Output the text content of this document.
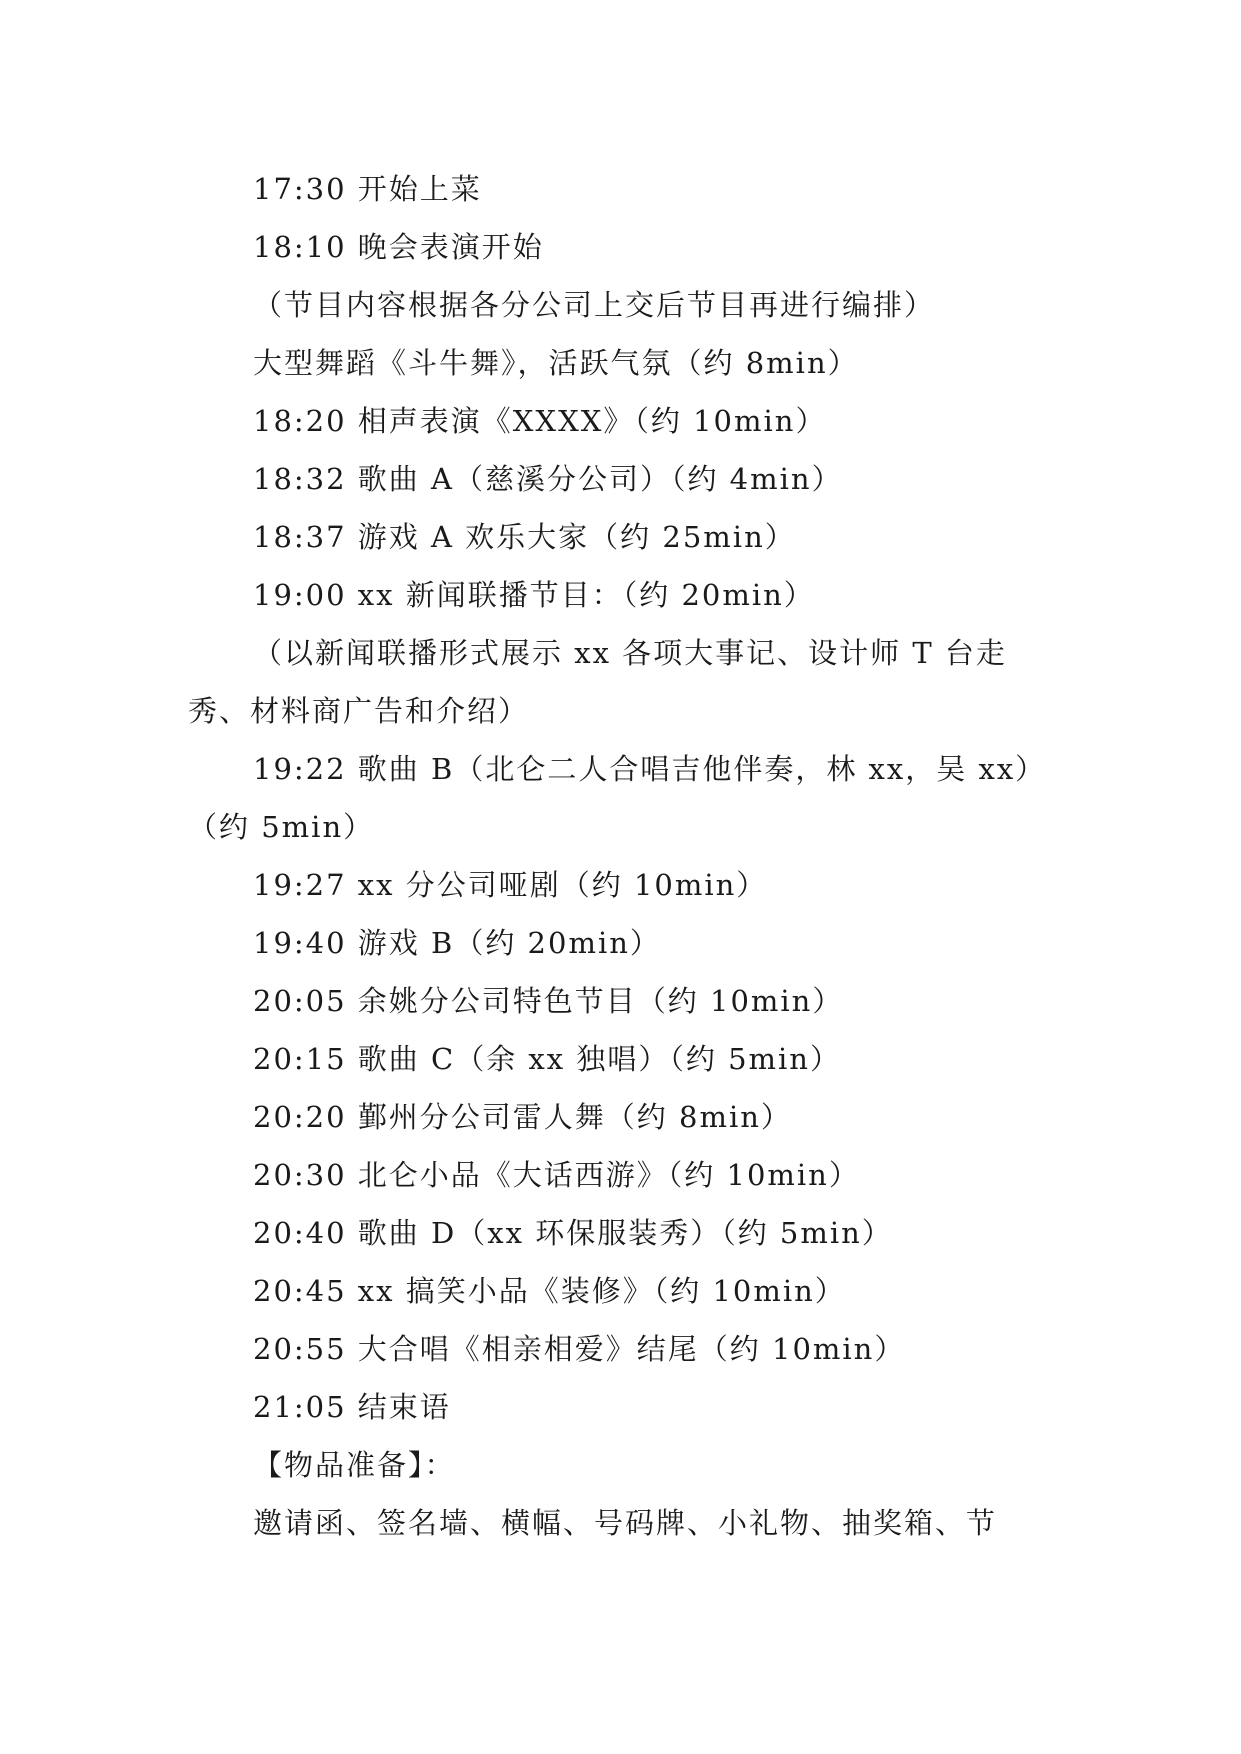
17:30 开始上菜

18:10 晚会表演开始

（节目内容根据各分公司上交后节目再进行编排）

大型舞蹈《斗牛舞》，活跃气氛（约 8min）

18:20 相声表演《XXXX》（约 10min）

18:32 歌曲 A（慈溪分公司）（约 4min）

18:37 游戏 A 欢乐大家（约 25min）

19:00 xx 新闻联播节目：（约 20min）

（以新闻联播形式展示 xx 各项大事记、设计师 T 台走秀、材料商广告和介绍）

19:22 歌曲 B（北仑二人合唱吉他伴奏，林 xx，吴 xx）（约 5min）

19:27 xx 分公司哑剧（约 10min）

19:40 游戏 B（约 20min）

20:05 余姚分公司特色节目（约 10min）

20:15 歌曲 C（余 xx 独唱）（约 5min）

20:20 鄞州分公司雷人舞（约 8min）

20:30 北仑小品《大话西游》（约 10min）

20:40 歌曲 D（xx 环保服装秀）（约 5min）

20:45 xx 搞笑小品《装修》（约 10min）

20:55 大合唱《相亲相爱》结尾（约 10min）

21:05 结束语

【物品准备】：

邀请函、签名墙、横幅、号码牌、小礼物、抽奖箱、节
